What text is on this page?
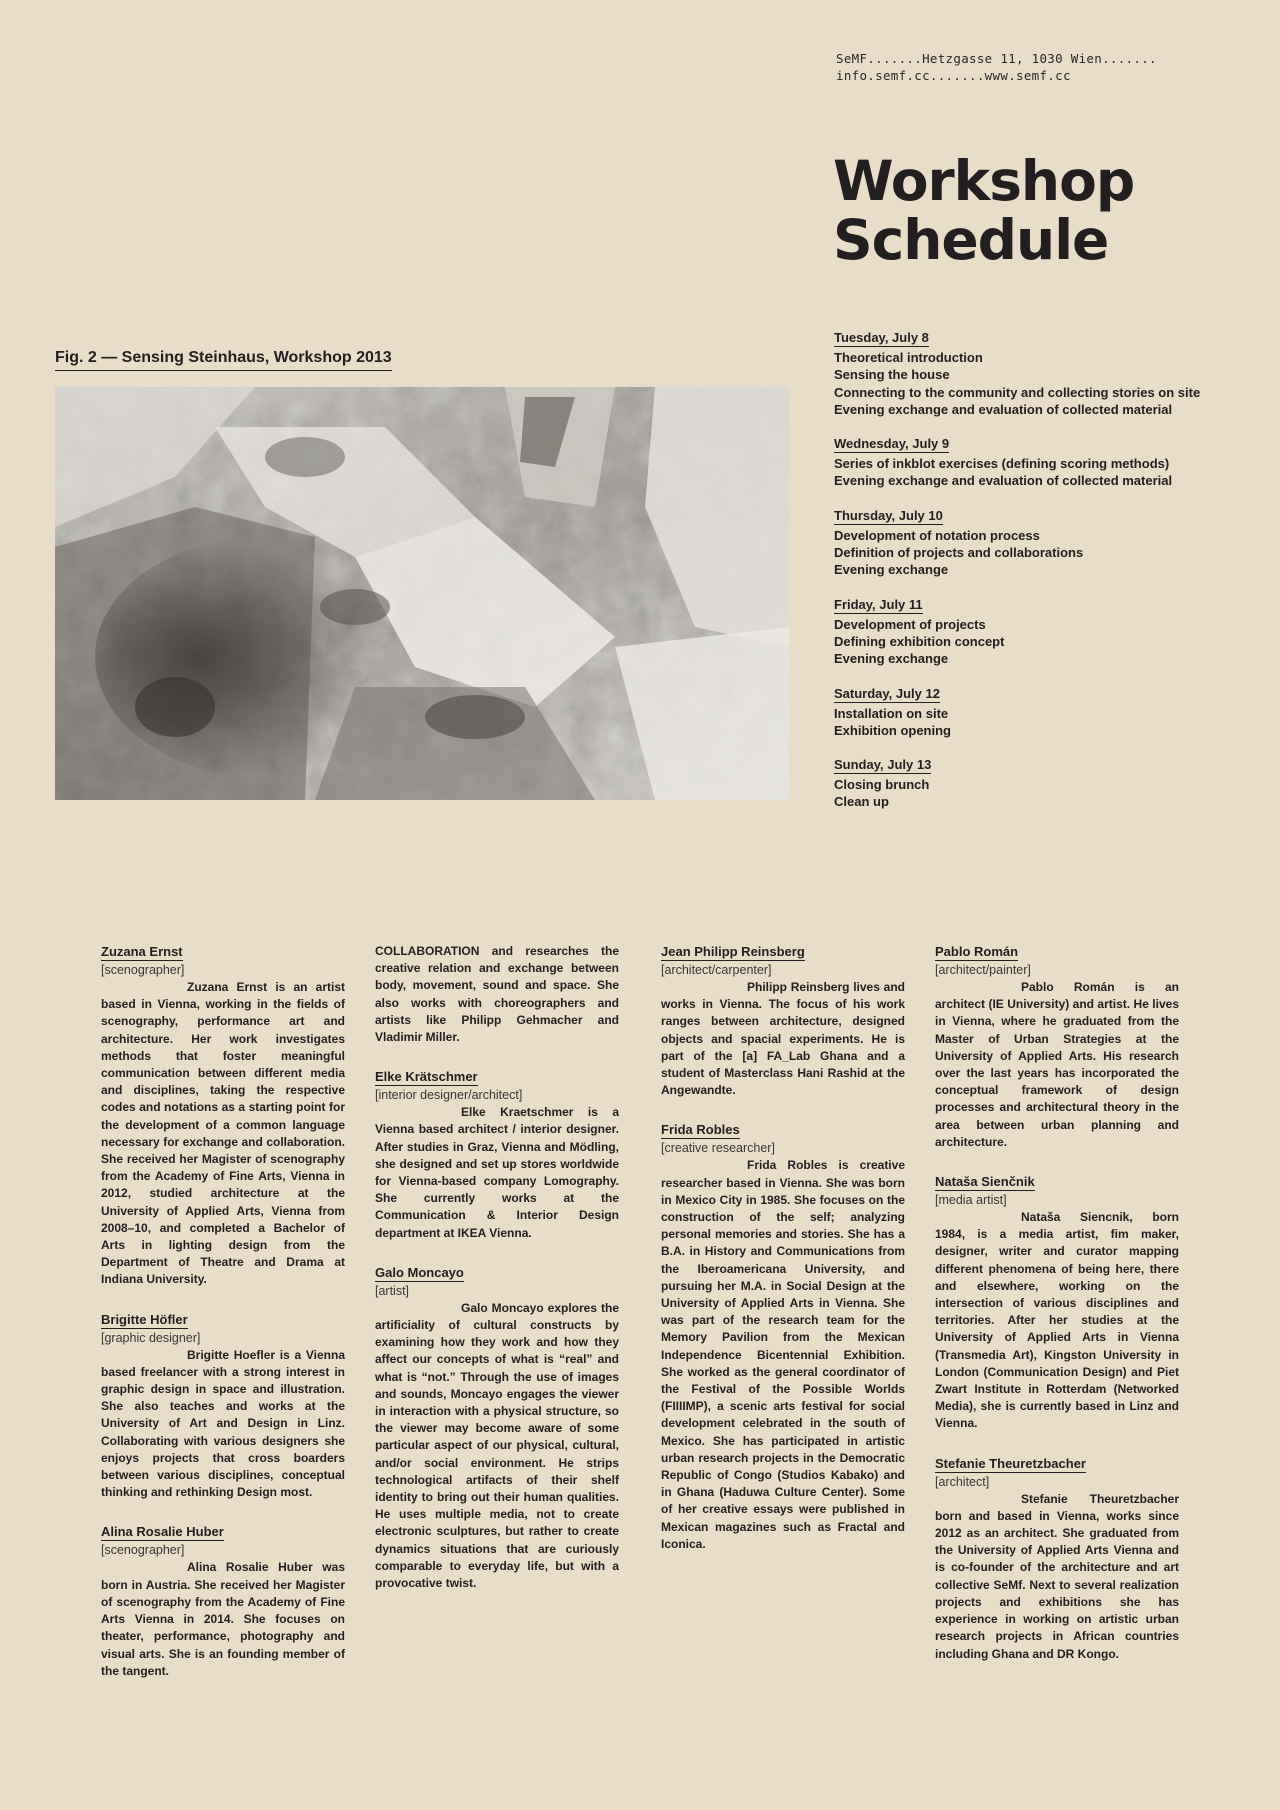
SeMF.......Hetzgasse 11, 1030 Wien.......
info.semf.cc.......www.semf.cc
Workshop
Schedule
Fig. 2 — Sensing Steinhaus, Workshop 2013
Tuesday, July 8
Theoretical introduction
Sensing the house
Connecting to the community and collecting stories on site
Evening exchange and evaluation of collected material
Wednesday, July 9
Series of inkblot exercises (defining scoring methods)
Evening exchange and evaluation of collected material
Thursday, July 10
Development of notation process
Definition of projects and collaborations
Evening exchange
Friday, July 11
Development of projects
Defining exhibition concept
Evening exchange
Saturday, July 12
Installation on site
Exhibition opening
Sunday, July 13
Closing brunch
Clean up
Zuzana Ernst
[scenographer]

Zuzana Ernst is an artist based in Vienna, working in the fields of scenography, performance art and architecture. Her work investigates methods that foster meaningful communication between different media and disciplines, taking the respective codes and notations as a starting point for the development of a common language necessary for exchange and collaboration. She received her Magister of scenography from the Academy of Fine Arts, Vienna in 2012, studied architecture at the University of Applied Arts, Vienna from 2008–10, and completed a Bachelor of Arts in lighting design from the Department of Theatre and Drama at Indiana University.

Brigitte Höfler
[graphic designer]

Brigitte Hoefler is a Vienna based freelancer with a strong interest in graphic design in space and illustration. She also teaches and works at the University of Art and Design in Linz. Collaborating with various designers she enjoys projects that cross boarders between various disciplines, conceptual thinking and rethinking Design most.

Alina Rosalie Huber
[scenographer]

Alina Rosalie Huber was born in Austria. She received her Magister of scenography from the Academy of Fine Arts Vienna in 2014. She focuses on theater, performance, photography and visual arts. She is an founding member of the tangent.

COLLABORATION and researches the creative relation and exchange between body, movement, sound and space. She also works with choreographers and artists like Philipp Gehmacher and Vladimir Miller.

Elke Krätschmer
[interior designer/architect]

Elke Kraetschmer is a Vienna based architect / interior designer. After studies in Graz, Vienna and Mödling, she designed and set up stores worldwide for Vienna-based company Lomography. She currently works at the Communication & Interior Design department at IKEA Vienna.

Galo Moncayo
[artist]

Galo Moncayo explores the artificiality of cultural constructs by examining how they work and how they affect our concepts of what is “real” and what is “not.” Through the use of images and sounds, Moncayo engages the viewer in interaction with a physical structure, so the viewer may become aware of some particular aspect of our physical, cultural, and/or social environment. He strips technological artifacts of their shelf identity to bring out their human qualities. He uses multiple media, not to create electronic sculptures, but rather to create dynamics situations that are curiously comparable to everyday life, but with a provocative twist.

Jean Philipp Reinsberg
[architect/carpenter]

Philipp Reinsberg lives and works in Vienna. The focus of his work ranges between architecture, designed objects and spacial experiments. He is part of the [a] FA_Lab Ghana and a student of Masterclass Hani Rashid at the Angewandte.

Frida Robles
[creative researcher]

Frida Robles is creative researcher based in Vienna. She was born in Mexico City in 1985. She focuses on the construction of the self; analyzing personal memories and stories. She has a B.A. in History and Communications from the Iberoamericana University, and pursuing her M.A. in Social Design at the University of Applied Arts in Vienna. She was part of the research team for the Memory Pavilion from the Mexican Independence Bicentennial Exhibition. She worked as the general coordinator of the Festival of the Possible Worlds (FIIIIMP), a scenic arts festival for social development celebrated in the south of Mexico. She has participated in artistic urban research projects in the Democratic Republic of Congo (Studios Kabako) and in Ghana (Haduwa Culture Center). Some of her creative essays were published in Mexican magazines such as Fractal and Iconica.

Pablo Román
[architect/painter]

Pablo Román is an architect (IE University) and artist. He lives in Vienna, where he graduated from the Master of Urban Strategies at the University of Applied Arts. His research over the last years has incorporated the conceptual framework of design processes and architectural theory in the area between urban planning and architecture.

Nataša Sienčnik
[media artist]

Nataša Siencnik, born 1984, is a media artist, fim maker, designer, writer and curator mapping different phenomena of being here, there and elsewhere, working on the intersection of various disciplines and territories. After her studies at the University of Applied Arts in Vienna (Transmedia Art), Kingston University in London (Communication Design) and Piet Zwart Institute in Rotterdam (Networked Media), she is currently based in Linz and Vienna.

Stefanie Theuretzbacher
[architect]

Stefanie Theuretzbacher born and based in Vienna, works since 2012 as an architect. She graduated from the University of Applied Arts Vienna and is co-founder of the architecture and art collective SeMf. Next to several realization projects and exhibitions she has experience in working on artistic urban research projects in African countries including Ghana and DR Kongo.
